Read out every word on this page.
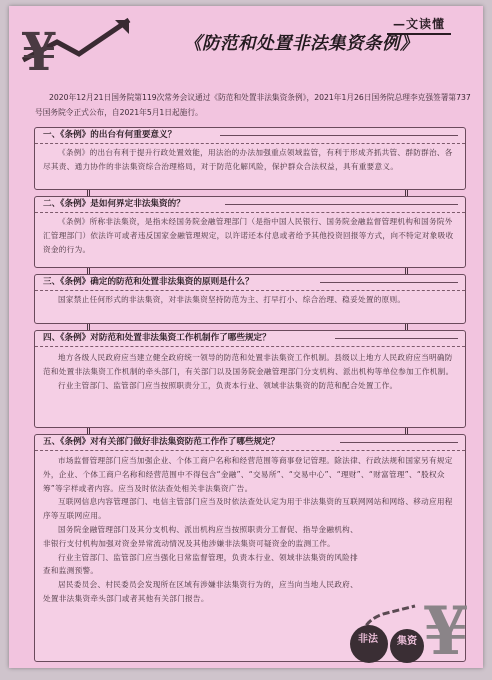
¥	—文读懂
《防范和处置非法集资条例》

2020年12月21日国务院第119次常务会议通过《防范和处置非法集资条例》，2021年1月26日国务院总理李克强签署第737号国务院令正式公布，自2021年5月1日起施行。

一、《条例》的出台有何重要意义？

《条例》的出台有利于提升行政处置效能，用法治的办法加强重点领域监管，有利于形成齐抓共管、群防群治、各尽其责、通力协作的非法集资综合治理格局，对于防范化解风险，保护群众合法权益，具有重要意义。

二、《条例》是如何界定非法集资的？

《条例》所称非法集资，是指未经国务院金融管理部门（是指中国人民银行、国务院金融监督管理机构和国务院外汇管理部门）依法许可或者违反国家金融管理规定，以许诺还本付息或者给予其他投资回报等方式，向不特定对象吸收资金的行为。

三、《条例》确定的防范和处置非法集资的原则是什么？

国家禁止任何形式的非法集资，对非法集资坚持防范为主、打早打小、综合治理、稳妥处置的原则。

四、《条例》对防范和处置非法集资工作机制作了哪些规定？

地方各级人民政府应当建立健全政府统一领导的防范和处置非法集资工作机制。县级以上地方人民政府应当明确防范和处置非法集资工作机制的牵头部门，有关部门以及国务院金融管理部门分支机构、派出机构等单位参加工作机制。

行业主管部门、监管部门应当按照职责分工，负责本行业、领域非法集资的防范和配合处置工作。

五、《条例》对有关部门做好非法集资防范工作作了哪些规定？

市场监督管理部门应当加强企业、个体工商户名称和经营范围等商事登记管理。除法律、行政法规和国家另有规定外，企业、个体工商户名称和经营范围中不得包含“金融”、“交易所”、“交易中心”、“理财”、“财富管理”、“股权众筹”等字样或者内容。应当及时依法查处相关非法集资广告。

互联网信息内容管理部门、电信主管部门应当及时依法查处认定为用于非法集资的互联网网站和网络、移动应用程序等互联网应用。

国务院金融管理部门及其分支机构、派出机构应当按照职责分工督促、指导金融机构、非银行支付机构加强对资金异常流动情况及其他涉嫌非法集资可疑资金的监测工作。

行业主管部门、监管部门应当强化日常监督管理，负责本行业、领域非法集资的风险排查和监测预警。

居民委员会、村民委员会发现所在区域有涉嫌非法集资行为的，应当向当地人民政府、处置非法集资牵头部门或者其他有关部门报告。

非法 集资 ¥
